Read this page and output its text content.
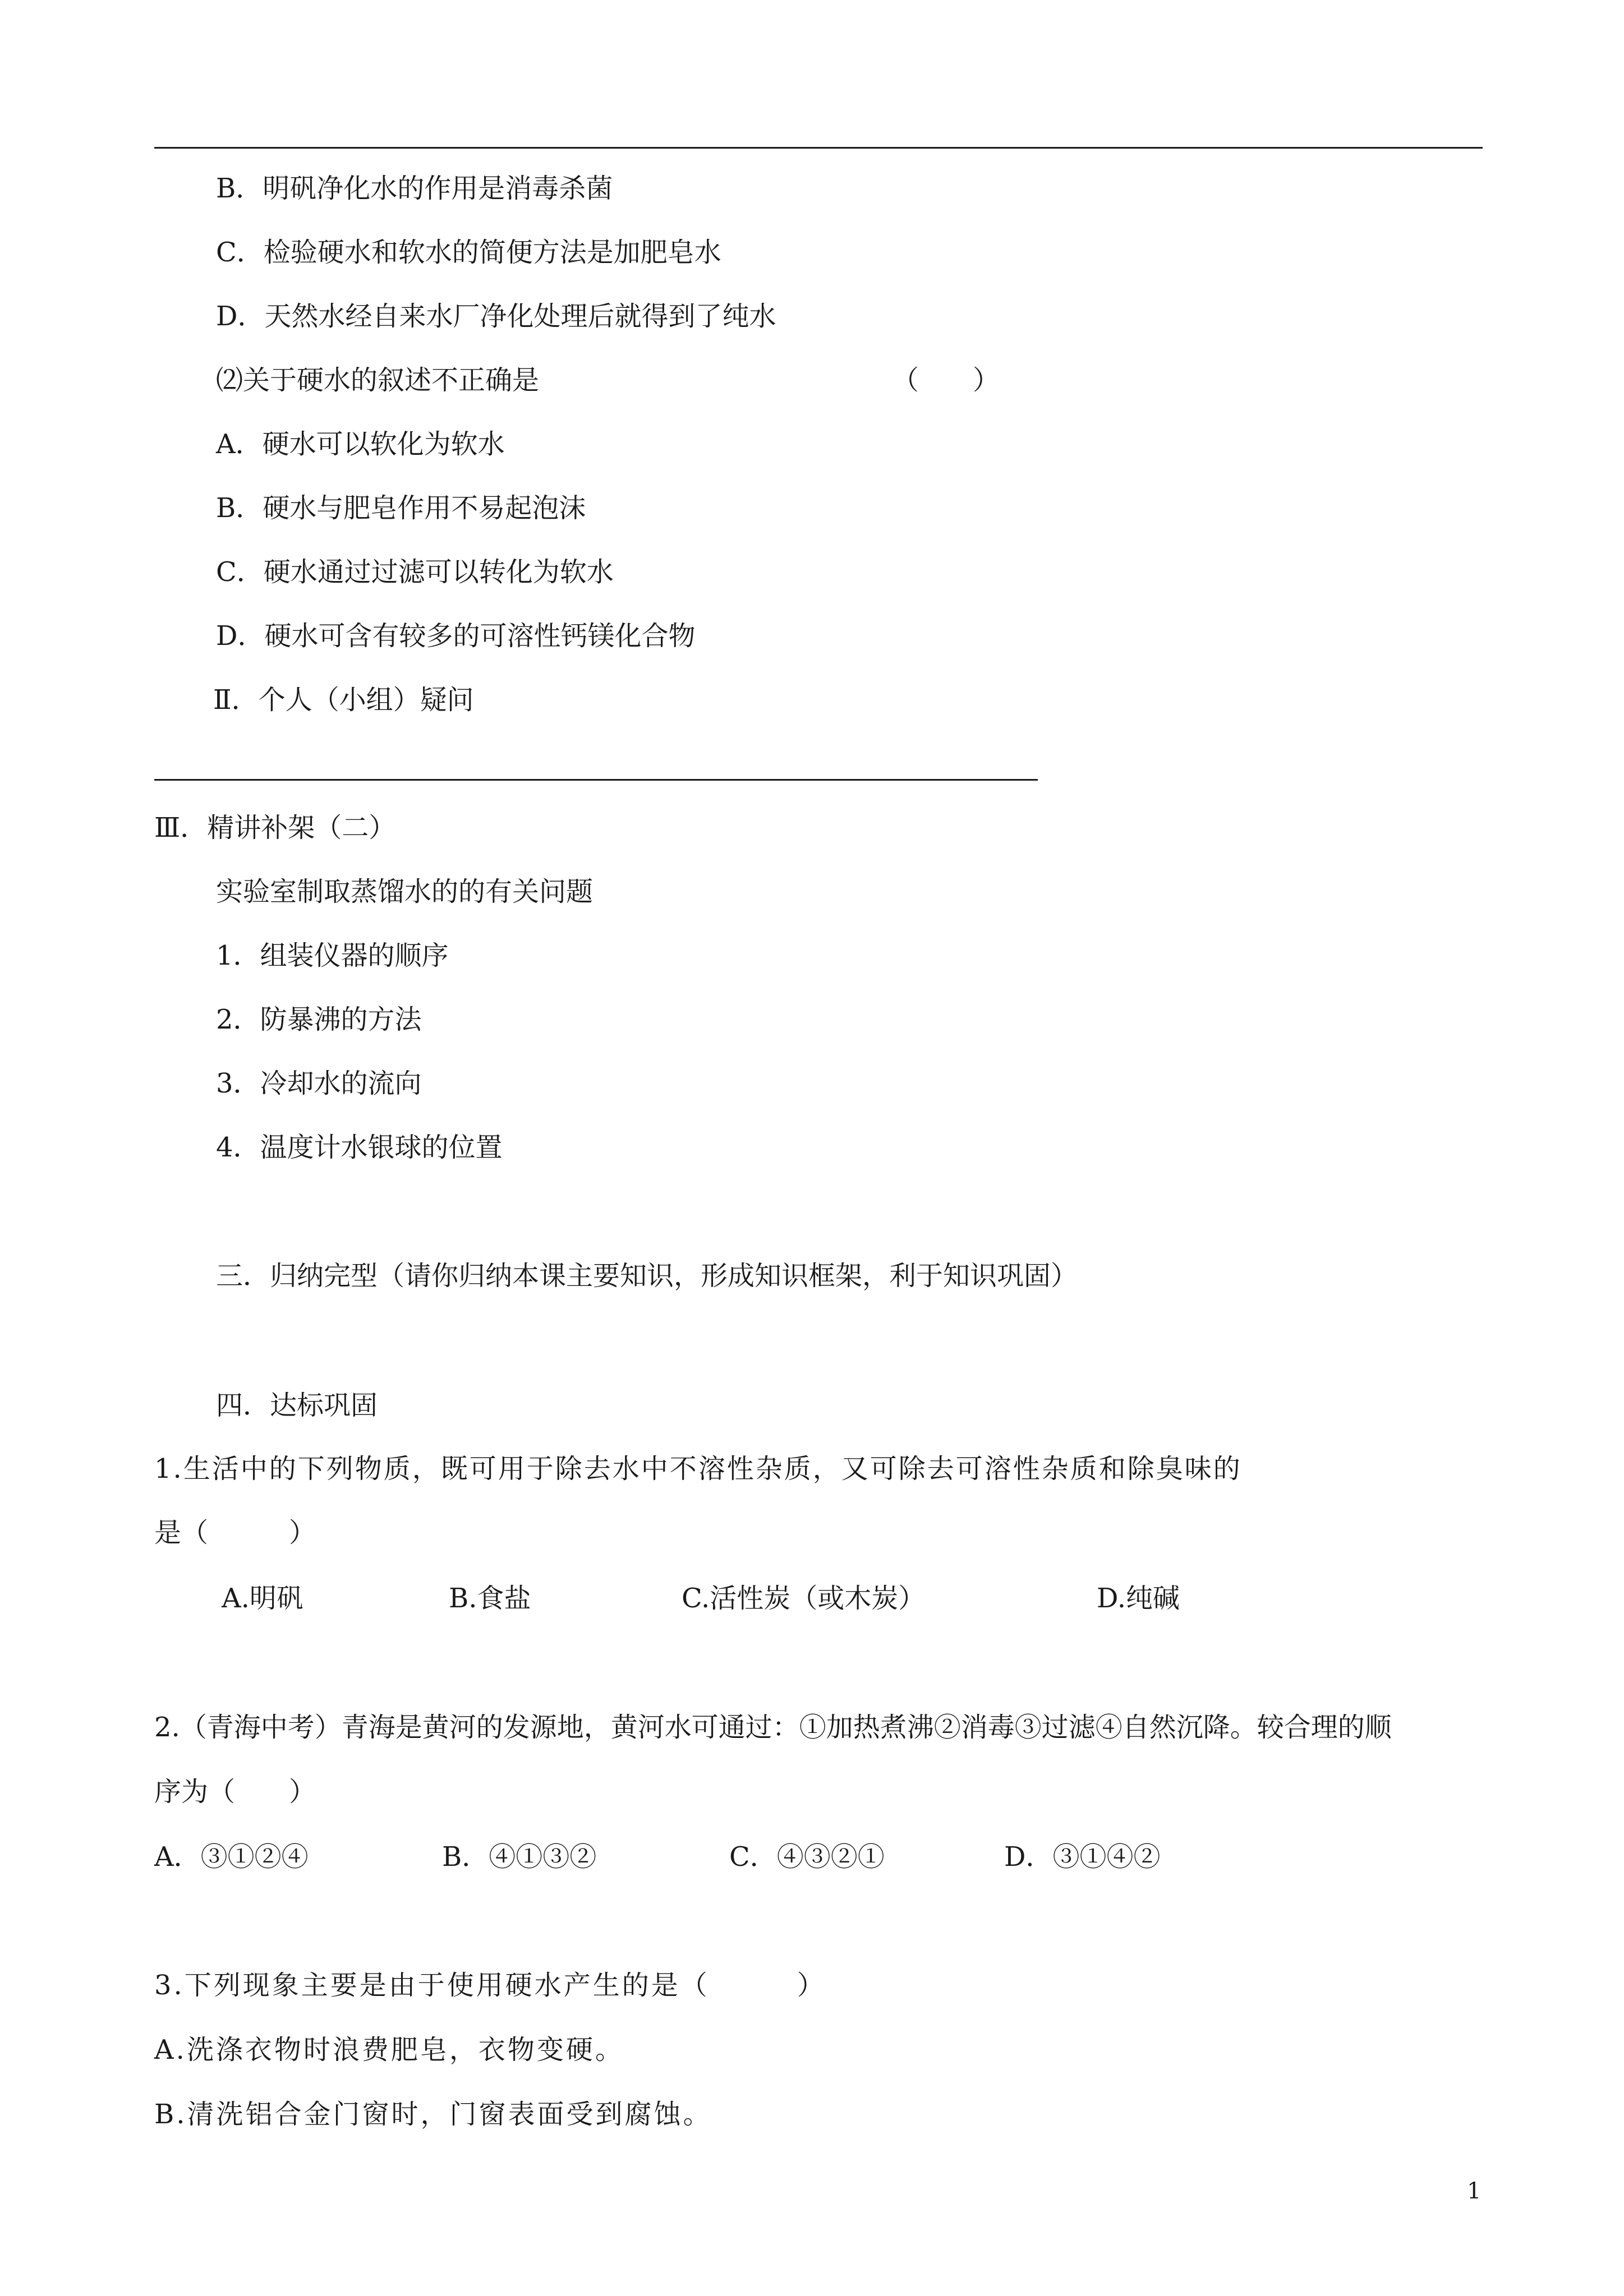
B．明矾净化水的作用是消毒杀菌
C．检验硬水和软水的简便方法是加肥皂水
D．天然水经自来水厂净化处理后就得到了纯水
⑵关于硬水的叙述不正确是	（　　）
A．硬水可以软化为软水
B．硬水与肥皂作用不易起泡沫
C．硬水通过过滤可以转化为软水
D．硬水可含有较多的可溶性钙镁化合物
Ⅱ．个人（小组）疑问
Ⅲ．精讲补架（二）
实验室制取蒸馏水的的有关问题
1．组装仪器的顺序
2．防暴沸的方法
3．冷却水的流向
4．温度计水银球的位置
三．归纳完型（请你归纳本课主要知识，形成知识框架，利于知识巩固）
四．达标巩固
1.生活中的下列物质，既可用于除去水中不溶性杂质，又可除去可溶性杂质和除臭味的
是（　　　）
A.明矾	B.食盐	C.活性炭（或木炭）	D.纯碱
2.（青海中考）青海是黄河的发源地，黄河水可通过：①加热煮沸②消毒③过滤④自然沉降。较合理的顺
序为（　　）
A．③①②④	B．④①③②	C．④③②①	D．③①④②
3.下列现象主要是由于使用硬水产生的是（　　　）
A.洗涤衣物时浪费肥皂，衣物变硬。
B.清洗铝合金门窗时，门窗表面受到腐蚀。
1
